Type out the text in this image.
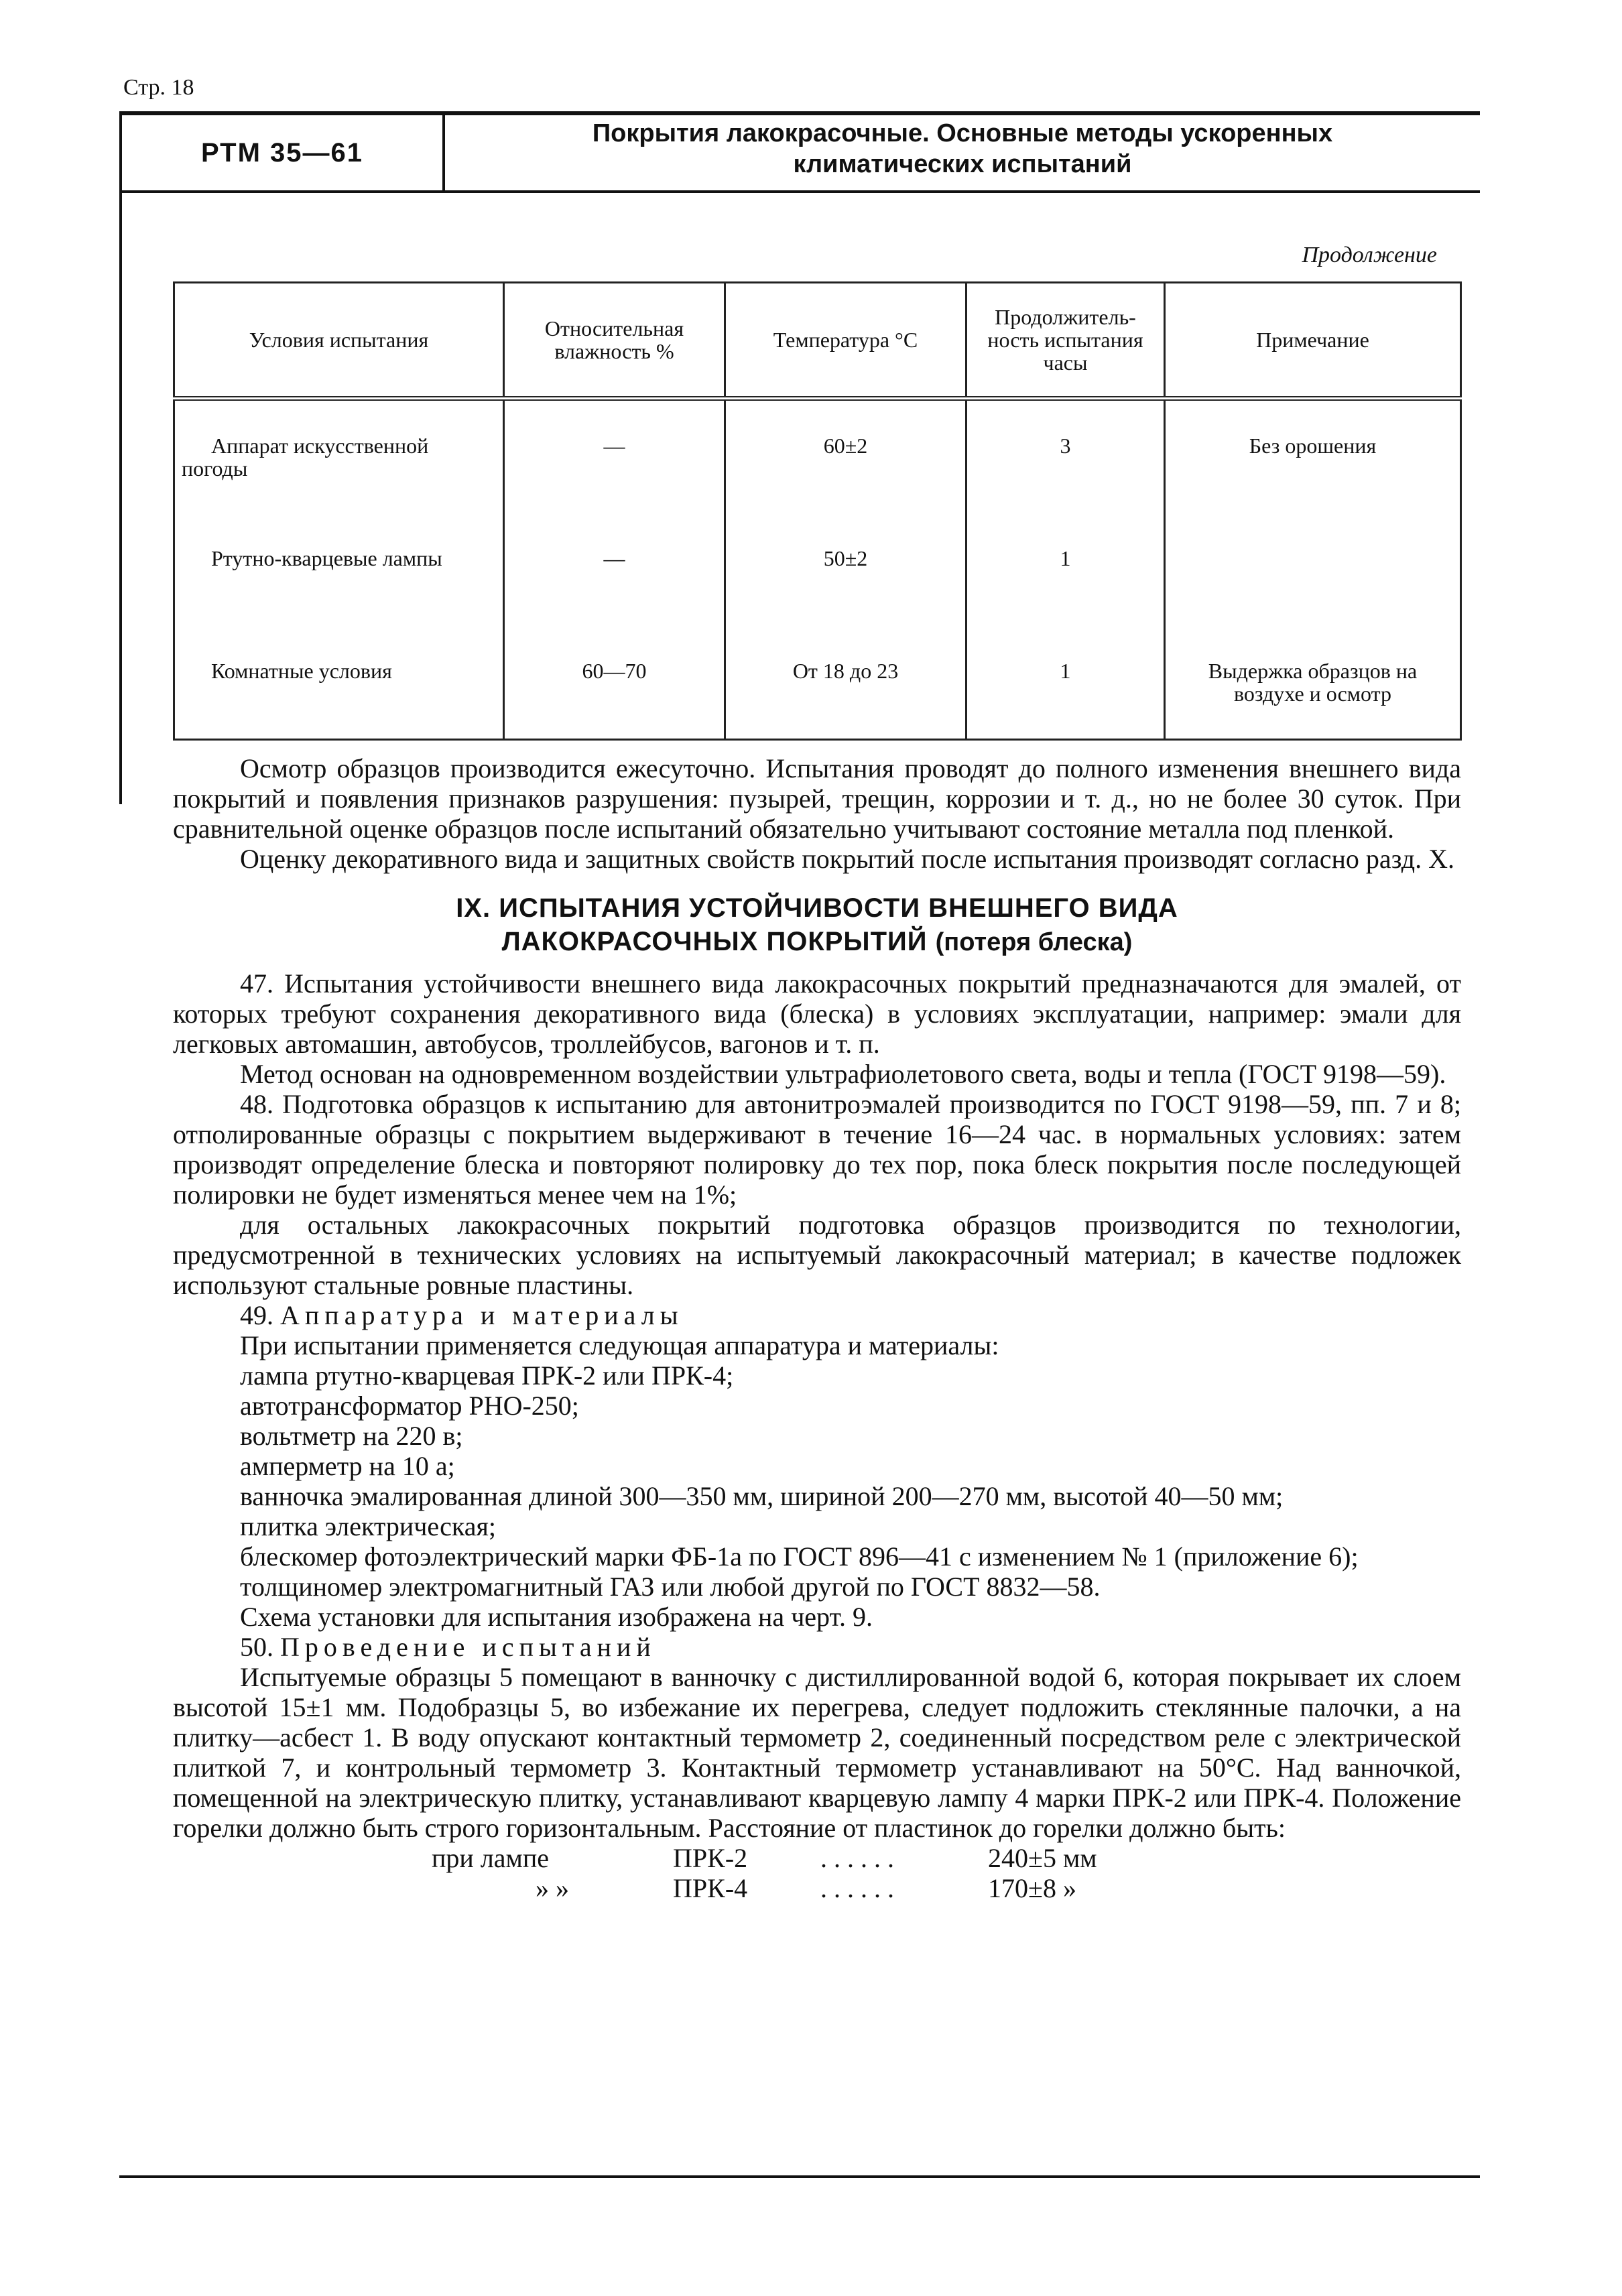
Стр. 18
РТМ 35—61
Покрытия лакокрасочные. Основные методы ускоренных
климатических испытаний
Продолжение
Условия испытания	Относительная влажность %	Температура °С	Продолжитель- ность испытания часы	Примечание
Аппарат искусственной погоды	—	60±2	3	Без орошения
Ртутно-кварцевые лампы	—	50±2	1	
Комнатные условия	60—70	От 18 до 23	1	Выдержка образцов на воздухе и осмотр

Осмотр образцов производится ежесуточно. Испытания проводят до полного изменения внешнего вида покрытий и появления признаков разрушения: пузырей, трещин, коррозии и т. д., но не более 30 суток. При сравнительной оценке образцов после испытаний обязательно учитывают состояние металла под пленкой.

Оценку декоративного вида и защитных свойств покрытий после испытания производят согласно разд. X.

IX. ИСПЫТАНИЯ УСТОЙЧИВОСТИ ВНЕШНЕГО ВИДА
ЛАКОКРАСОЧНЫХ ПОКРЫТИЙ (потеря блеска)

47. Испытания устойчивости внешнего вида лакокрасочных покрытий предназначаются для эмалей, от которых требуют сохранения декоративного вида (блеска) в условиях эксплуатации, например: эмали для легковых автомашин, автобусов, троллейбусов, вагонов и т. п.

Метод основан на одновременном воздействии ультрафиолетового света, воды и тепла (ГОСТ 9198—59).

48. Подготовка образцов к испытанию для автонитроэмалей производится по ГОСТ 9198—59, пп. 7 и 8; отполированные образцы с покрытием выдерживают в течение 16—24 час. в нормальных условиях: затем производят определение блеска и повторяют полировку до тех пор, пока блеск покрытия после последующей полировки не будет изменяться менее чем на 1%;

для остальных лакокрасочных покрытий подготовка образцов производится по технологии, предусмотренной в технических условиях на испытуемый лакокрасочный материал; в качестве подложек используют стальные ровные пластины.

49. Аппаратура и материалы

При испытании применяется следующая аппаратура и материалы:

лампа ртутно-кварцевая ПРК-2 или ПРК-4;

автотрансформатор РНО-250;

вольтметр на 220 в;

амперметр на 10 а;

ванночка эмалированная длиной 300—350 мм, шириной 200—270 мм, высотой 40—50 мм;

плитка электрическая;

блескомер фотоэлектрический марки ФБ-1а по ГОСТ 896—41 с изменением № 1 (приложение 6);

толщиномер электромагнитный ГАЗ или любой другой по ГОСТ 8832—58.

Схема установки для испытания изображена на черт. 9.

50. Проведение испытаний

Испытуемые образцы 5 помещают в ванночку с дистиллированной водой 6, которая покрывает их слоем высотой 15±1 мм. Подобразцы 5, во избежание их перегрева, следует подложить стеклянные палочки, а на плитку—асбест 1. В воду опускают контактный термометр 2, соединенный посредством реле с электрической плиткой 7, и контрольный термометр 3. Контактный термометр устанавливают на 50°С. Над ванночкой, помещенной на электрическую плитку, устанавливают кварцевую лампу 4 марки ПРК-2 или ПРК-4. Положение горелки должно быть строго горизонтальным. Расстояние от пластинок до горелки должно быть:

при лампе	ПРК-2	. . . . . .	240±5 мм
» »	ПРК-4	. . . . . .	170±8 »
